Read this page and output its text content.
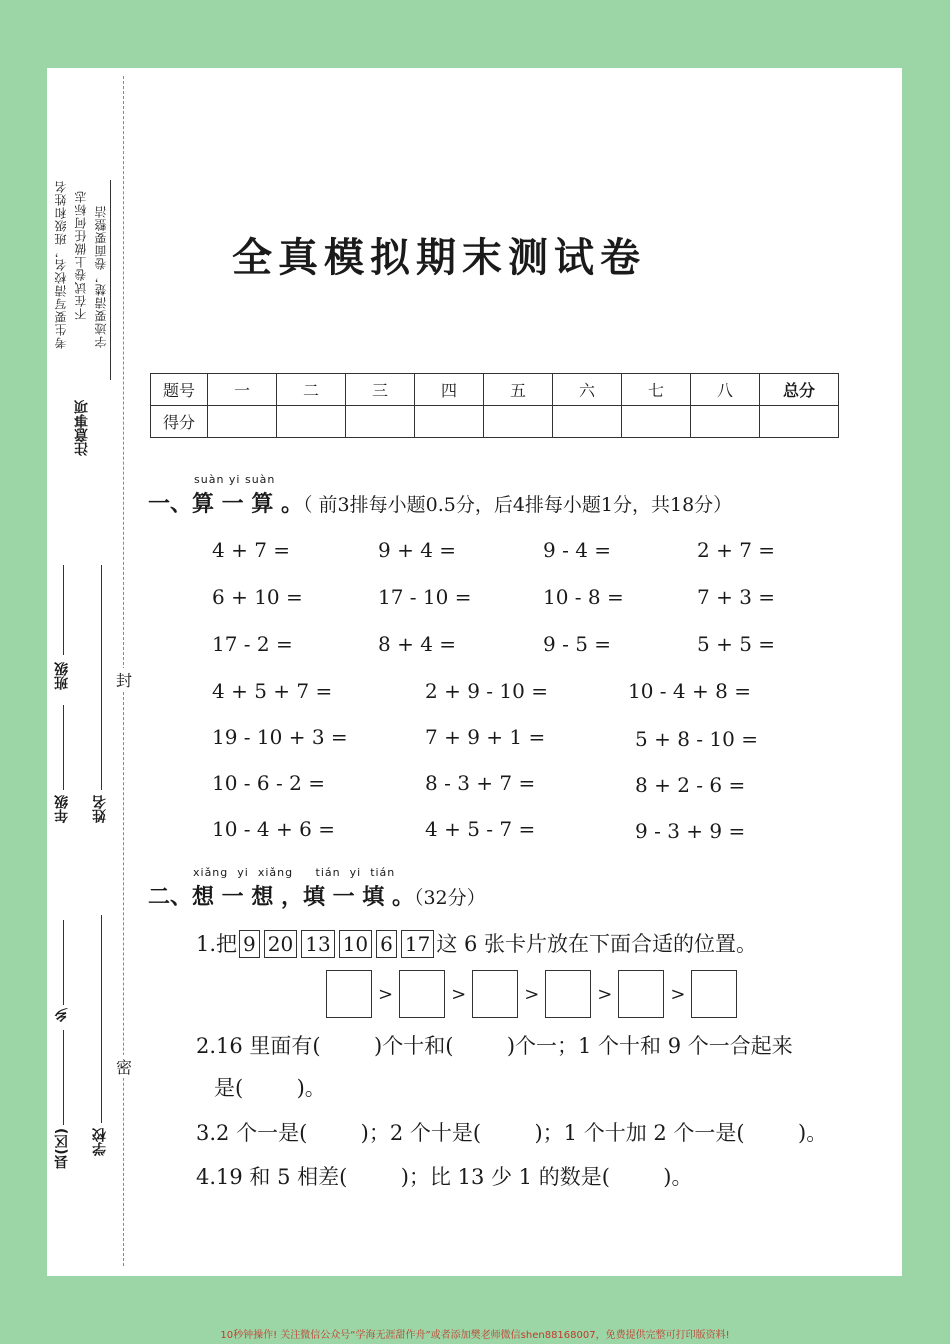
考生要写清校名，班级和姓名 不在试卷上做任何标志 字迹要清楚，卷面要整洁
注意事项
班级
年级 姓名
乡
县(区) 学校
封
密
全真模拟期末测试卷
题号	一	二	三	四	五	六	七	八	总分
得分									
suàn yi suàn
一、算 一 算 。（ 前3排每小题0.5分，后4排每小题1分，共18分）
4 + 7 =	9 + 4 =	9 - 4 =	2 + 7 =
6 + 10 =	17 - 10 =	10 - 8 =	7 + 3 =
17 - 2 =	8 + 4 =	9 - 5 =	5 + 5 =
4 + 5 + 7 =	2 + 9 - 10 =	10 - 4 + 8 =
19 - 10 + 3 =	7 + 9 + 1 =	5 + 8 - 10 =
10 - 6 - 2 =	8 - 3 + 7 =	8 + 2 - 6 =
10 - 4 + 6 =	4 + 5 - 7 =	9 - 3 + 9 =
xiǎng  yi  xiǎng     tián  yi  tián
二、想 一 想 ，填 一 填 。（32分）
1.把 9 20 13 10 6 17 这 6 张卡片放在下面合适的位置。
>	>	>	>	>
2.16 里面有(        )个十和(        )个一；1 个十和 9 个一合起来
是(        )。
3.2 个一是(        )；2 个十是(        )；1 个十加 2 个一是(        )。
4.19 和 5 相差(        )；比 13 少 1 的数是(        )。
10秒钟操作! 关注微信公众号“学海无涯甜作舟”或者添加樊老师微信shen88168007，免费提供完整可打印版资料!
